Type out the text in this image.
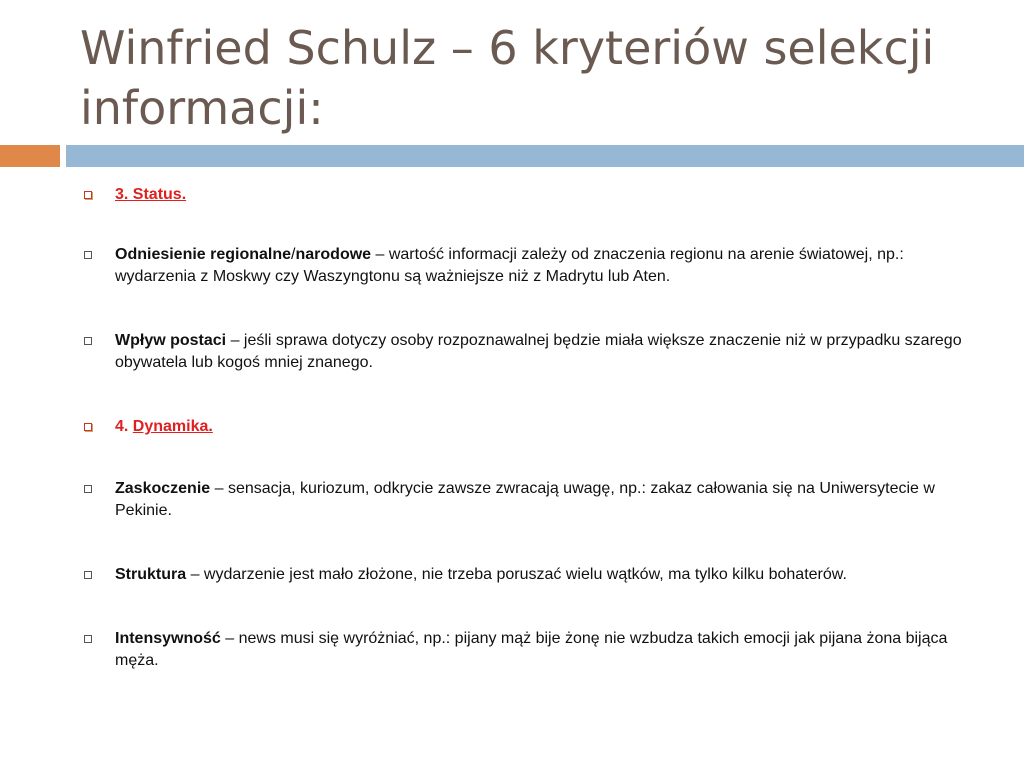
Winfried Schulz – 6 kryteriów selekcji informacji:
3. Status.
Odniesienie regionalne/narodowe – wartość informacji zależy od znaczenia regionu na arenie światowej, np.: wydarzenia z Moskwy czy Waszyngtonu są ważniejsze niż z Madrytu lub Aten.
Wpływ postaci – jeśli sprawa dotyczy osoby rozpoznawalnej będzie miała większe znaczenie niż w przypadku szarego obywatela lub kogoś mniej znanego.
4. Dynamika.
Zaskoczenie – sensacja, kuriozum, odkrycie zawsze zwracają uwagę, np.: zakaz całowania się na Uniwersytecie w Pekinie.
Struktura – wydarzenie jest mało złożone, nie trzeba poruszać wielu wątków, ma tylko kilku bohaterów.
Intensywność – news musi się wyróżniać, np.: pijany mąż bije żonę nie wzbudza takich emocji jak pijana żona bijąca męża.
